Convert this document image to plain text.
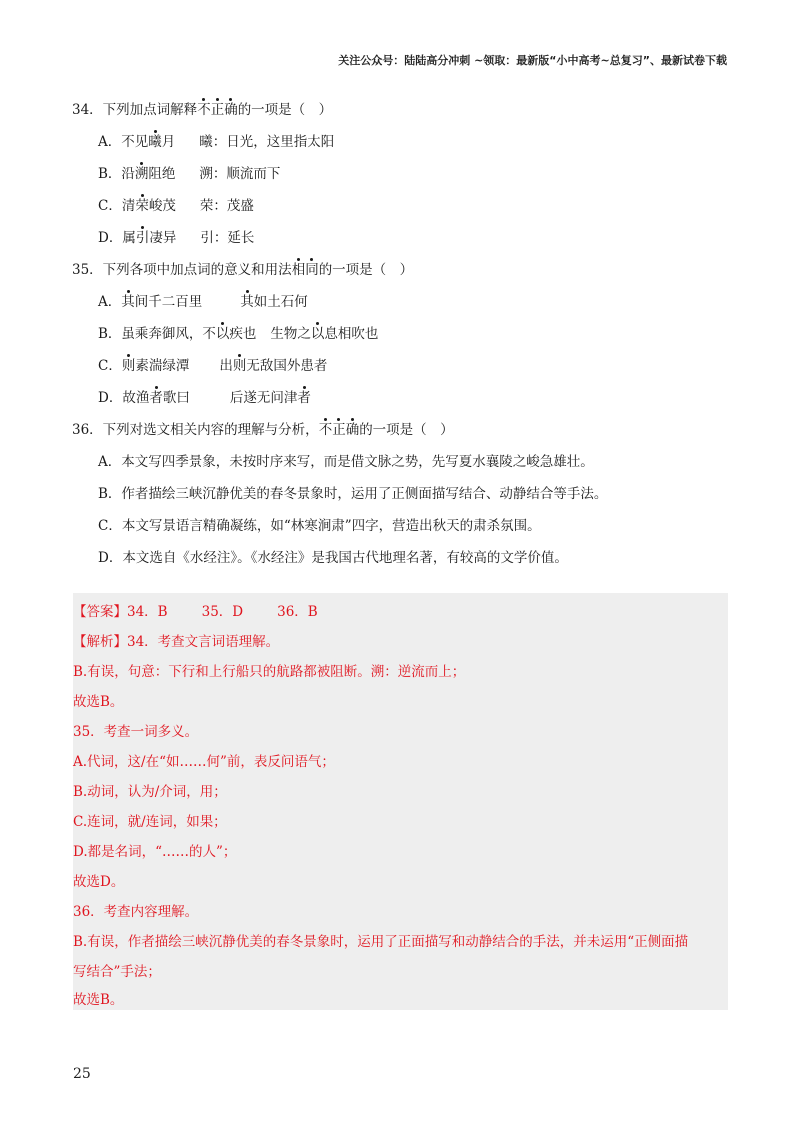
关注公众号：陆陆高分冲刺 ~领取：最新版“小中高考~总复习”、最新试卷下载
34．下列加点词解释不正确的一项是（　）
A．不见曦月 曦：日光，这里指太阳
B．沿溯阻绝 溯：顺流而下
C．清荣峻茂 荣：茂盛
D．属引凄异 引：延长
35．下列各项中加点词的意义和用法相同的一项是（　）
A．其间千二百里	其如土石何
B．虽乘奔御风，不以疾也 生物之以息相吹也
C．则素湍绿潭 出则无敌国外患者
D．故渔者歌曰	后遂无问津者
36．下列对选文相关内容的理解与分析，不正确的一项是（　）
A．本文写四季景象，未按时序来写，而是借文脉之势，先写夏水襄陵之峻急雄壮。
B．作者描绘三峡沉静优美的春冬景象时，运用了正侧面描写结合、动静结合等手法。
C．本文写景语言精确凝练，如“林寒涧肃”四字，营造出秋天的肃杀氛围。
D．本文选自《水经注》。《水经注》是我国古代地理名著，有较高的文学价值。
【答案】34．B	35．D	36．B
【解析】34．考查文言词语理解。
B.有误，句意：下行和上行船只的航路都被阻断。溯：逆流而上；
故选B。
35．考查一词多义。
A.代词，这/在“如……何”前，表反问语气；
B.动词，认为/介词，用；
C.连词，就/连词，如果；
D.都是名词，“……的人”；
故选D。
36．考查内容理解。
B.有误，作者描绘三峡沉静优美的春冬景象时，运用了正面描写和动静结合的手法，并未运用“正侧面描
写结合”手法；
故选B。
25
